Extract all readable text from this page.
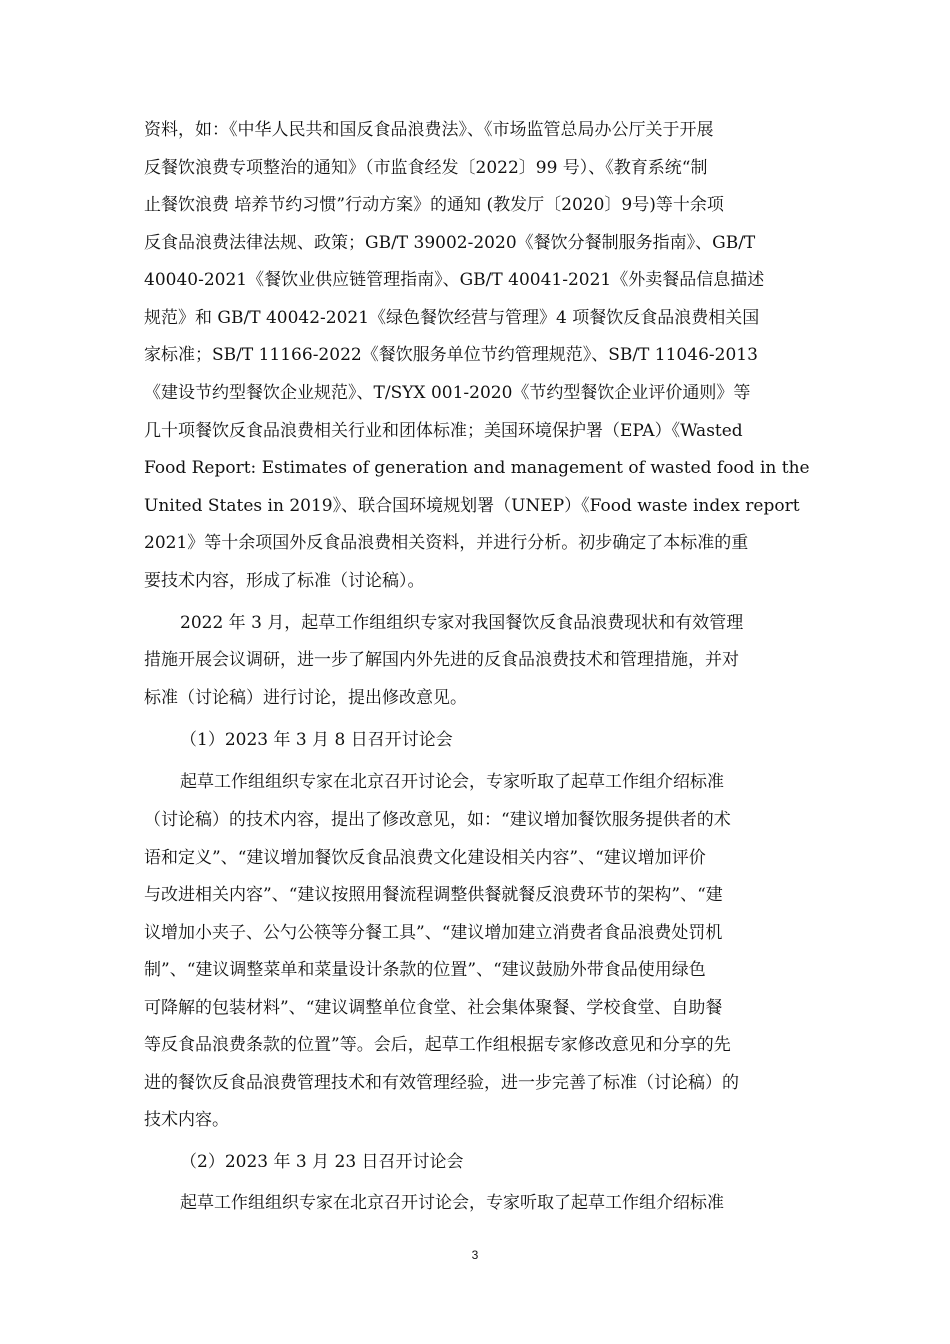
资料，如：《中华人民共和国反食品浪费法》、《市场监管总局办公厅关于开展
反餐饮浪费专项整治的通知》（市监食经发〔2022〕99 号）、《教育系统“制
止餐饮浪费 培养节约习惯”行动方案》的通知 (教发厅〔2020〕9号)等十余项
反食品浪费法律法规、政策；GB/T 39002-2020《餐饮分餐制服务指南》、GB/T
40040-2021《餐饮业供应链管理指南》、GB/T 40041-2021《外卖餐品信息描述
规范》和 GB/T 40042-2021《绿色餐饮经营与管理》4 项餐饮反食品浪费相关国
家标准；SB/T 11166-2022《餐饮服务单位节约管理规范》、SB/T 11046-2013
《建设节约型餐饮企业规范》、T/SYX 001-2020《节约型餐饮企业评价通则》等
几十项餐饮反食品浪费相关行业和团体标准；美国环境保护署（EPA）《Wasted
Food Report: Estimates of generation and management of wasted food in the
United States in 2019》、联合国环境规划署（UNEP）《Food waste index report
2021》等十余项国外反食品浪费相关资料，并进行分析。初步确定了本标准的重
要技术内容，形成了标准（讨论稿）。
2022 年 3 月，起草工作组组织专家对我国餐饮反食品浪费现状和有效管理
措施开展会议调研，进一步了解国内外先进的反食品浪费技术和管理措施，并对
标准（讨论稿）进行讨论，提出修改意见。
（1）2023 年 3 月 8 日召开讨论会
起草工作组组织专家在北京召开讨论会，专家听取了起草工作组介绍标准
（讨论稿）的技术内容，提出了修改意见，如：“建议增加餐饮服务提供者的术
语和定义”、“建议增加餐饮反食品浪费文化建设相关内容”、“建议增加评价
与改进相关内容”、“建议按照用餐流程调整供餐就餐反浪费环节的架构”、“建
议增加小夹子、公勺公筷等分餐工具”、“建议增加建立消费者食品浪费处罚机
制”、“建议调整菜单和菜量设计条款的位置”、“建议鼓励外带食品使用绿色
可降解的包装材料”、“建议调整单位食堂、社会集体聚餐、学校食堂、自助餐
等反食品浪费条款的位置”等。会后，起草工作组根据专家修改意见和分享的先
进的餐饮反食品浪费管理技术和有效管理经验，进一步完善了标准（讨论稿）的
技术内容。
（2）2023 年 3 月 23 日召开讨论会
起草工作组组织专家在北京召开讨论会，专家听取了起草工作组介绍标准
3
